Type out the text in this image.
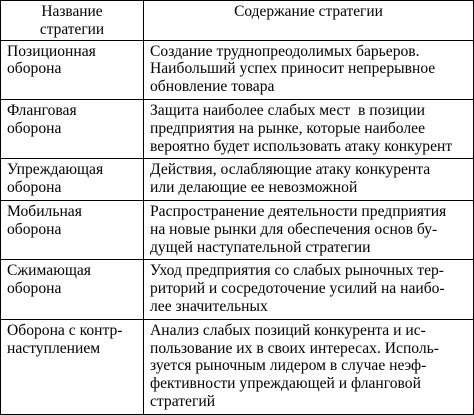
Название
стратегии	Содержание стратегии

Позиционная
оборона	Создание труднопреодолимых барьеров.
Наибольший успех приносит непрерывное
обновление товара

Фланговая
оборона	Защита наиболее слабых мест  в позиции
предприятия на рынке, которые наиболее
вероятно будет использовать атаку конкурент

Упреждающая
оборона	Действия, ослабляющие атаку конкурента
или делающие ее невозможной

Мобильная
оборона	Распространение деятельности предприятия
на новые рынки для обеспечения основ бу-
дущей наступательной стратегии

Сжимающая
оборона	Уход предприятия со слабых рыночных тер-
риторий и сосредоточение усилий на наибо-
лее значительных

Оборона с контр-
наступлением	Анализ слабых позиций конкурента и ис-
пользование их в своих интересах. Исполь-
зуется рыночным лидером в случае неэф-
фективности упреждающей и фланговой
стратегий
